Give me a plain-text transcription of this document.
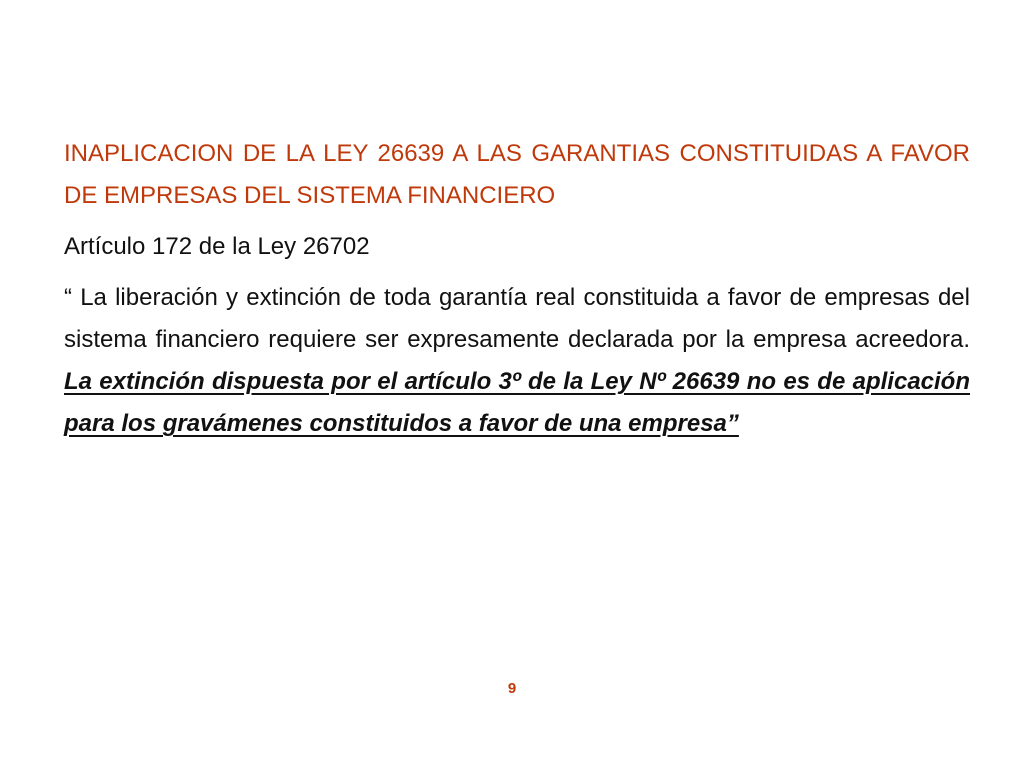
INAPLICACION DE LA LEY 26639 A LAS GARANTIAS CONSTITUIDAS A FAVOR DE EMPRESAS DEL SISTEMA FINANCIERO

Artículo 172 de la Ley 26702

“ La liberación y extinción de toda garantía real constituida a favor de empresas del sistema financiero requiere ser expresamente declarada por la empresa acreedora. La extinción dispuesta por el artículo 3º de la Ley Nº 26639 no es de aplicación para los gravámenes constituidos a favor de una empresa”

9
